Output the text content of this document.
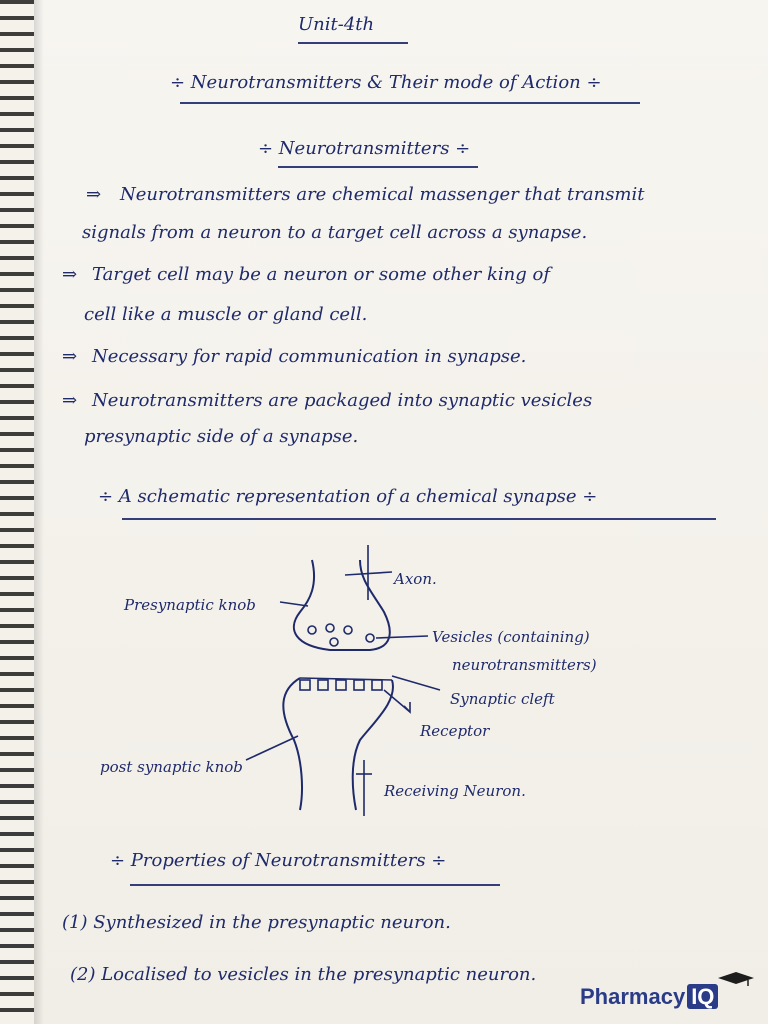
Unit-4th
÷ Neurotransmitters & Their mode of Action ÷
÷ Neurotransmitters ÷
⇒ Neurotransmitters are chemical massenger that transmit
signals from a neuron to a target cell across a synapse.
⇒ Target cell may be a neuron or some other king of
cell like a muscle or gland cell.
⇒ Necessary for rapid communication in synapse.
⇒ Neurotransmitters are packaged into synaptic vesicles
presynaptic side of a synapse.
÷ A schematic representation of a chemical synapse ÷
Axon.
Presynaptic knob
Vesicles (containing)
neurotransmitters)
Synaptic cleft
Receptor
post synaptic knob
Receiving Neuron.
÷ Properties of Neurotransmitters ÷
(1) Synthesized in the presynaptic neuron.
(2) Localised to vesicles in the presynaptic neuron.
Pharmacy IQ
